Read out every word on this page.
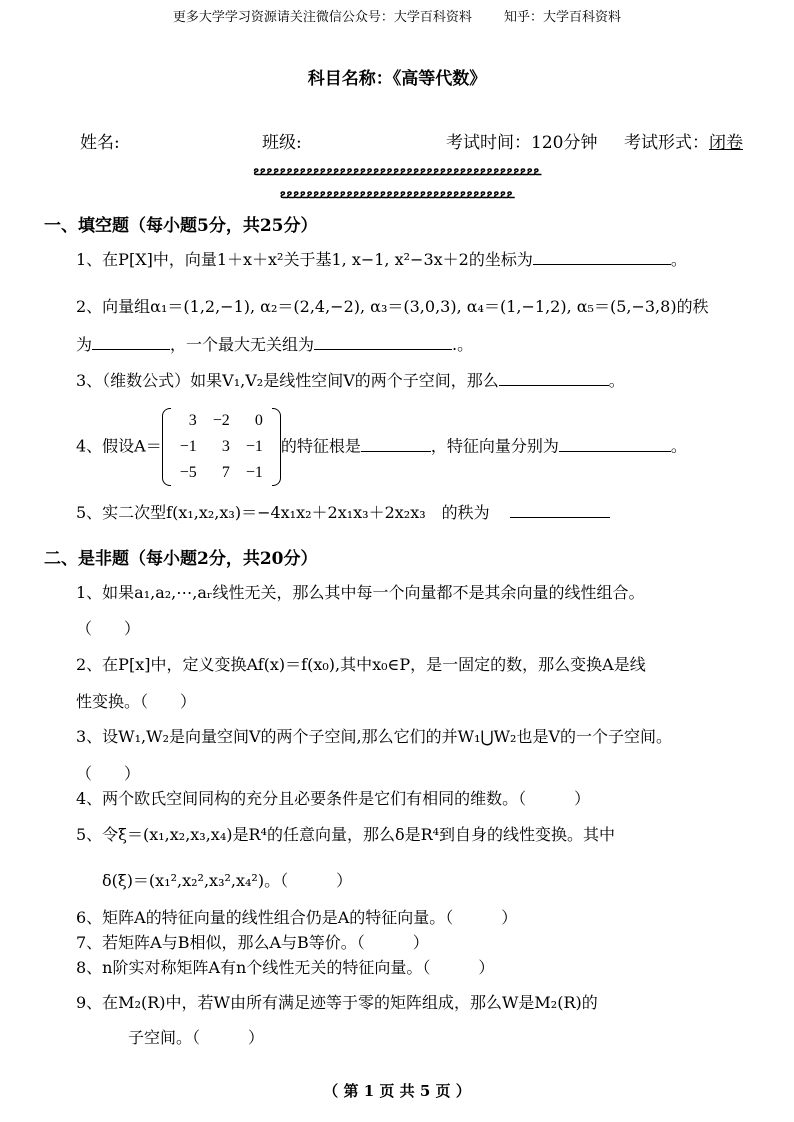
更多大学学习资源请关注微信公众号：大学百科资料 知乎：大学百科资料
科目名称：《高等代数》
姓名:	班级:	考试时间：120分钟 考试形式：闭卷
ఽఽఽఽఽఽఽఽఽఽఽఽఽఽఽఽఽఽఽఽఽఽఽఽఽఽఽఽఽఽఽఽఽఽఽఽఽఽఽఽఽఽఽ
ఽఽఽఽఽఽఽఽఽఽఽఽఽఽఽఽఽఽఽఽఽఽఽఽఽఽఽఽఽఽఽఽఽఽఽ
一、填空题（每小题5分，共25分）
1、在P[X]中，向量1＋x＋x²关于基1, x−1, x²−3x＋2的坐标为	。
2、向量组α₁＝(1,2,−1), α₂＝(2,4,−2), α₃＝(3,0,3), α₄＝(1,−1,2), α₅＝(5,−3,8)的秩
为	，一个最大无关组为	.。
3、（维数公式）如果V₁,V₂是线性空间V的两个子空间，那么	。
4、假设A＝
3	−2	0
−1	3	−1
−5	7	−1
的特征根是	，特征向量分别为	。
5、实二次型f(x₁,x₂,x₃)＝−4x₁x₂＋2x₁x₃＋2x₂x₃　的秩为
二、是非题（每小题2分，共20分）
1、如果a₁,a₂,⋯,aᵣ线性无关，那么其中每一个向量都不是其余向量的线性组合。
（　　）
2、在P[x]中，定义变换Af(x)＝f(x₀),其中x₀∈P，是一固定的数，那么变换A是线
性变换。（　　）
3、设W₁,W₂是向量空间V的两个子空间,那么它们的并W₁⋃W₂也是V的一个子空间。
（　　）
4、两个欧氏空间同构的充分且必要条件是它们有相同的维数。（　　　）
5、令ξ＝(x₁,x₂,x₃,x₄)是R⁴的任意向量，那么δ是R⁴到自身的线性变换。其中
δ(ξ)＝(x₁²,x₂²,x₃²,x₄²)。（　　　）
6、矩阵A的特征向量的线性组合仍是A的特征向量。（　　　）
7、若矩阵A与B相似，那么A与B等价。（　　　）
8、n阶实对称矩阵A有n个线性无关的特征向量。（　　　）
9、在M₂(R)中，若W由所有满足迹等于零的矩阵组成，那么W是M₂(R)的
子空间。（　　　）
（ 第 1 页 共 5 页 ）
